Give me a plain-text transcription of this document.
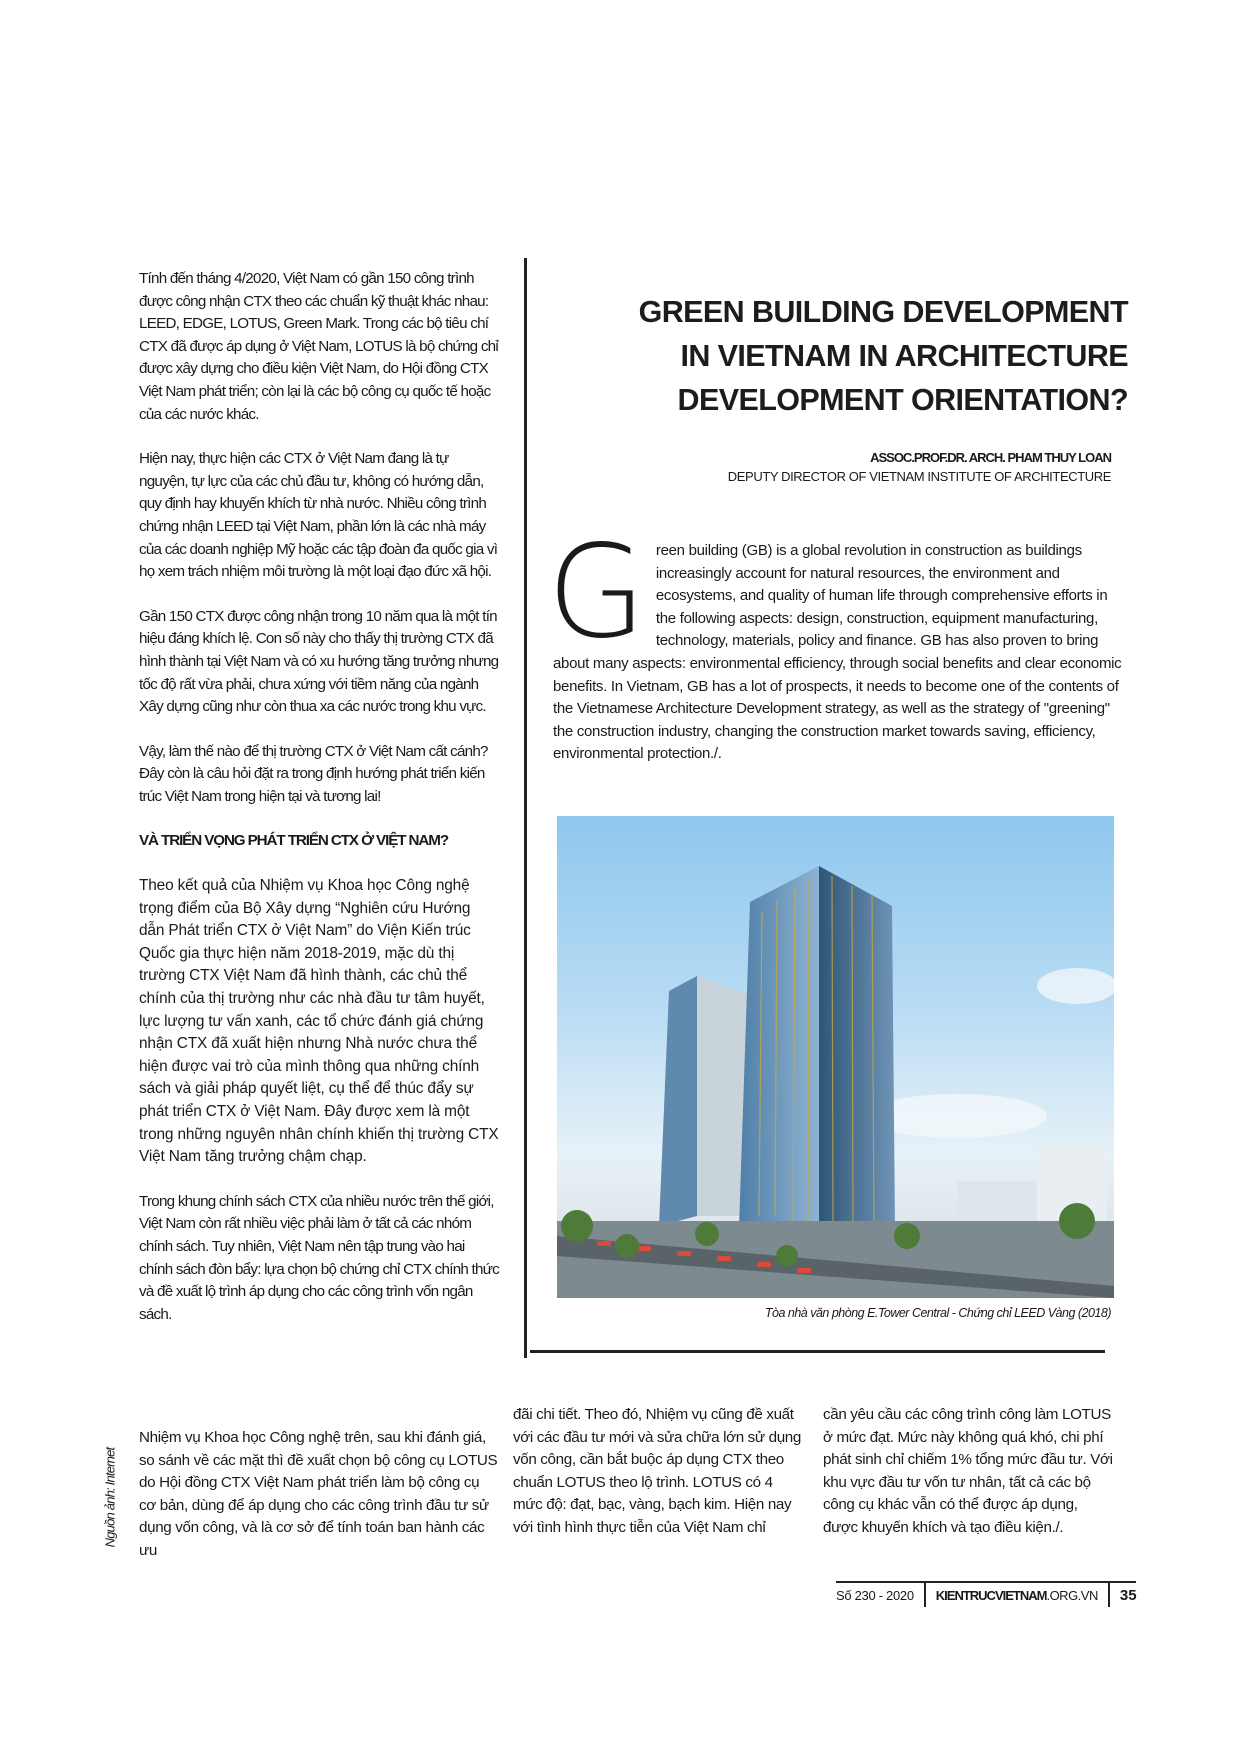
Tính đến tháng 4/2020, Việt Nam có gần 150 công trình được công nhận CTX theo các chuẩn kỹ thuật khác nhau: LEED, EDGE, LOTUS, Green Mark. Trong các bộ tiêu chí CTX đã được áp dụng ở Việt Nam, LOTUS là bộ chứng chỉ được xây dựng cho điều kiện Việt Nam, do Hội đồng CTX Việt Nam phát triển; còn lại là các bộ công cụ quốc tế hoặc của các nước khác.

Hiện nay, thực hiện các CTX ở Việt Nam đang là tự nguyện, tự lực của các chủ đầu tư, không có hướng dẫn, quy định hay khuyến khích từ nhà nước. Nhiều công trình chứng nhận LEED tại Việt Nam, phần lớn là các nhà máy của các doanh nghiệp Mỹ hoặc các tập đoàn đa quốc gia vì họ xem trách nhiệm môi trường là một loại đạo đức xã hội.

Gần 150 CTX được công nhận trong 10 năm qua là một tín hiệu đáng khích lệ. Con số này cho thấy thị trường CTX đã hình thành tại Việt Nam và có xu hướng tăng trưởng nhưng tốc độ rất vừa phải, chưa xứng với tiềm năng của ngành Xây dựng cũng như còn thua xa các nước trong khu vực.

Vậy, làm thế nào để thị trường CTX ở Việt Nam cất cánh? Đây còn là câu hỏi đặt ra trong định hướng phát triển kiến trúc Việt Nam trong hiện tại và tương lai!

VÀ TRIỂN VỌNG PHÁT TRIỂN CTX Ở VIỆT NAM?

Theo kết quả của Nhiệm vụ Khoa học Công nghệ trọng điểm của Bộ Xây dựng “Nghiên cứu Hướng dẫn Phát triển CTX ở Việt Nam” do Viện Kiến trúc Quốc gia thực hiện năm 2018-2019, mặc dù thị trường CTX Việt Nam đã hình thành, các chủ thể chính của thị trường như các nhà đầu tư tâm huyết, lực lượng tư vấn xanh, các tổ chức đánh giá chứng nhận CTX đã xuất hiện nhưng Nhà nước chưa thể hiện được vai trò của mình thông qua những chính sách và giải pháp quyết liệt, cụ thể để thúc đẩy sự phát triển CTX ở Việt Nam. Đây được xem là một trong những nguyên nhân chính khiến thị trường CTX Việt Nam tăng trưởng chậm chạp.

Trong khung chính sách CTX của nhiều nước trên thế giới, Việt Nam còn rất nhiều việc phải làm ở tất cả các nhóm chính sách. Tuy nhiên, Việt Nam nên tập trung vào hai chính sách đòn bẩy: lựa chọn bộ chứng chỉ CTX chính thức và đề xuất lộ trình áp dụng cho các công trình vốn ngân sách.

GREEN BUILDING DEVELOPMENT
IN VIETNAM IN ARCHITECTURE
DEVELOPMENT ORIENTATION?
ASSOC.PROF.DR. ARCH. PHAM THUY LOAN
DEPUTY DIRECTOR OF VIETNAM INSTITUTE OF ARCHITECTURE
G reen building (GB) is a global revolution in construction as buildings increasingly account for natural resources, the environment and ecosystems, and quality of human life through comprehensive efforts in the following aspects: design, construction, equipment manufacturing, technology, materials, policy and finance. GB has also proven to bring about many aspects: environmental efficiency, through social benefits and clear economic benefits. In Vietnam, GB has a lot of prospects, it needs to become one of the contents of the Vietnamese Architecture Development strategy, as well as the strategy of "greening" the construction industry, changing the construction market towards saving, efficiency, environmental protection./.
Tòa nhà văn phòng E.Tower Central - Chứng chỉ LEED Vàng (2018)
Nhiệm vụ Khoa học Công nghệ trên, sau khi đánh giá, so sánh về các mặt thì đề xuất chọn bộ công cụ LOTUS do Hội đồng CTX Việt Nam phát triển làm bộ công cụ cơ bản, dùng để áp dụng cho các công trình đầu tư sử dụng vốn công, và là cơ sở để tính toán ban hành các ưu
đãi chi tiết. Theo đó, Nhiệm vụ cũng đề xuất với các đầu tư mới và sửa chữa lớn sử dụng vốn công, cần bắt buộc áp dụng CTX theo chuẩn LOTUS theo lộ trình. LOTUS có 4 mức độ: đạt, bạc, vàng, bạch kim. Hiện nay với tình hình thực tiễn của Việt Nam chỉ
cần yêu cầu các công trình công làm LOTUS ở mức đạt. Mức này không quá khó, chi phí phát sinh chỉ chiếm 1% tổng mức đầu tư. Với khu vực đầu tư vốn tư nhân, tất cả các bộ công cụ khác vẫn có thể được áp dụng, được khuyến khích và tạo điều kiện./.
Nguồn ảnh: Internet
Số 230 - 2020	KIENTRUCVIETNAM .ORG.VN	35
